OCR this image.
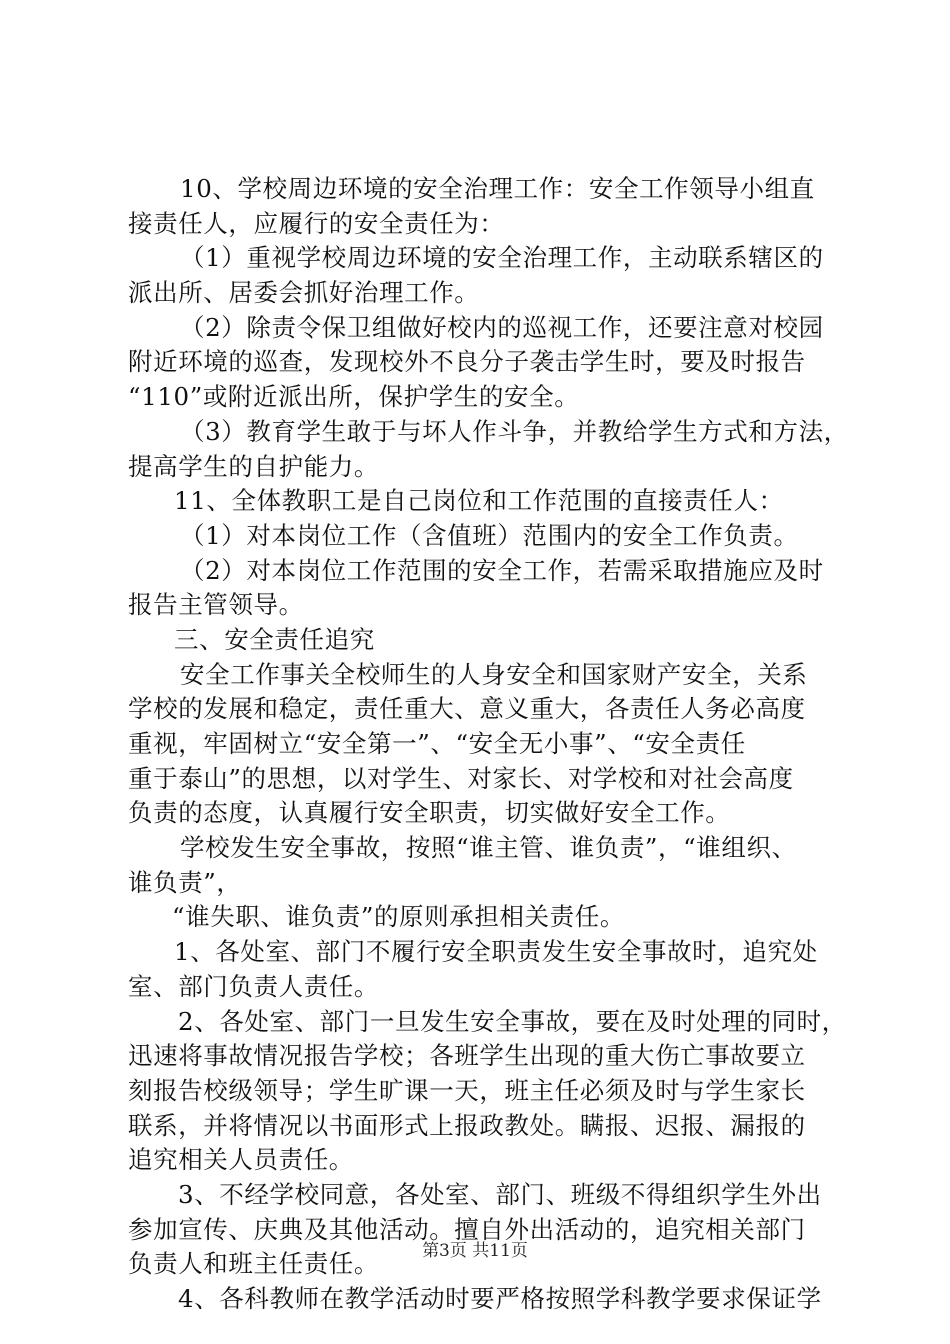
10、学校周边环境的安全治理工作：安全工作领导小组直
接责任人，应履行的安全责任为：
（1）重视学校周边环境的安全治理工作，主动联系辖区的
派出所、居委会抓好治理工作。
（2）除责令保卫组做好校内的巡视工作，还要注意对校园
附近环境的巡查，发现校外不良分子袭击学生时，要及时报告
“110”或附近派出所，保护学生的安全。
（3）教育学生敢于与坏人作斗争，并教给学生方式和方法，
提高学生的自护能力。
11、全体教职工是自己岗位和工作范围的直接责任人：
（1）对本岗位工作（含值班）范围内的安全工作负责。
（2）对本岗位工作范围的安全工作，若需采取措施应及时
报告主管领导。
三、安全责任追究
安全工作事关全校师生的人身安全和国家财产安全，关系
学校的发展和稳定，责任重大、意义重大，各责任人务必高度
重视，牢固树立“安全第一”、“安全无小事”、“安全责任
重于泰山”的思想，以对学生、对家长、对学校和对社会高度
负责的态度，认真履行安全职责，切实做好安全工作。
学校发生安全事故，按照“谁主管、谁负责”，“谁组织、
谁负责”，
“谁失职、谁负责”的原则承担相关责任。
1、各处室、部门不履行安全职责发生安全事故时，追究处
室、部门负责人责任。
2、各处室、部门一旦发生安全事故，要在及时处理的同时，
迅速将事故情况报告学校；各班学生出现的重大伤亡事故要立
刻报告校级领导；学生旷课一天，班主任必须及时与学生家长
联系，并将情况以书面形式上报政教处。瞒报、迟报、漏报的
追究相关人员责任。
3、不经学校同意，各处室、部门、班级不得组织学生外出
参加宣传、庆典及其他活动。擅自外出活动的，追究相关部门
负责人和班主任责任。
4、各科教师在教学活动时要严格按照学科教学要求保证学
第3页 共11页
